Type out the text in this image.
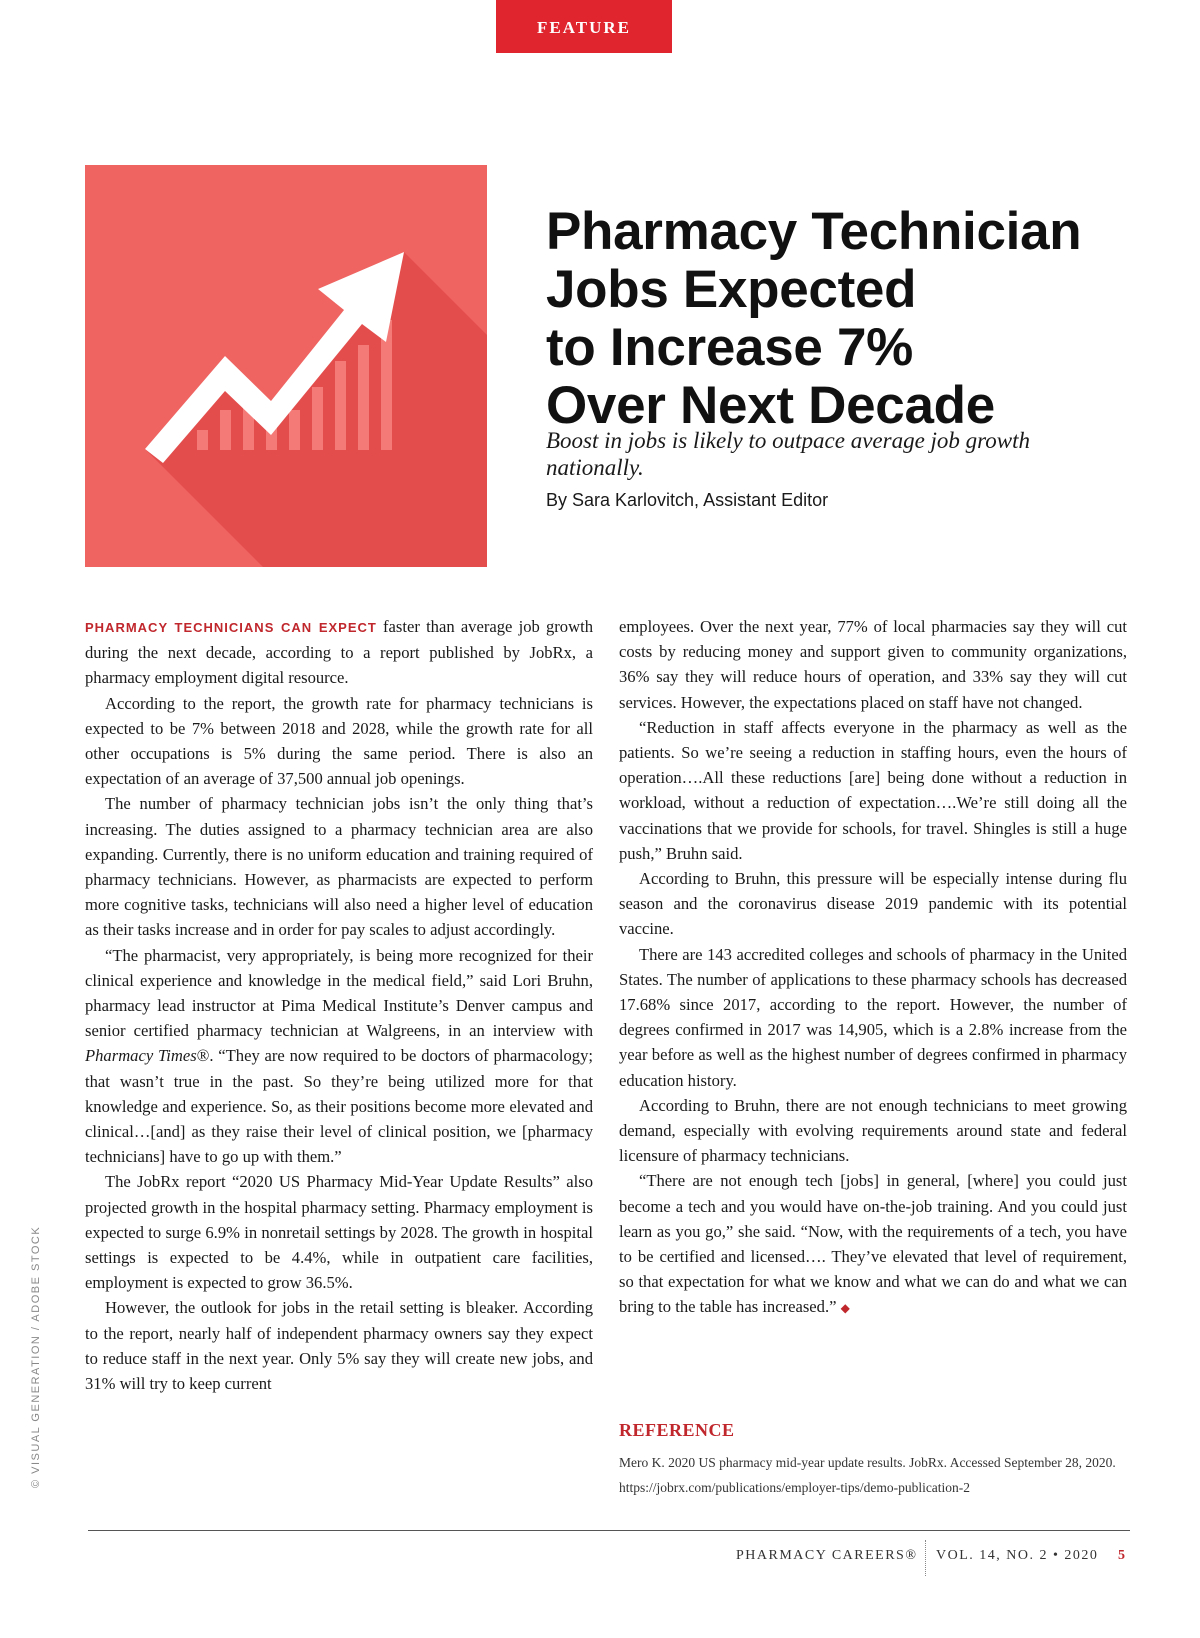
FEATURE
Pharmacy Technician
Jobs Expected
to Increase 7%
Over Next Decade

Boost in jobs is likely to outpace average job growth nationally.

By Sara Karlovitch, Assistant Editor

PHARMACY TECHNICIANS CAN EXPECT faster than average job growth during the next decade, according to a report published by JobRx, a pharmacy employment digital resource.

According to the report, the growth rate for pharmacy technicians is expected to be 7% between 2018 and 2028, while the growth rate for all other occupations is 5% during the same period. There is also an expectation of an average of 37,500 annual job openings.

The number of pharmacy technician jobs isn’t the only thing that’s increasing. The duties assigned to a pharmacy technician area are also expanding. Currently, there is no uniform education and training required of pharmacy technicians. However, as pharmacists are expected to perform more cognitive tasks, technicians will also need a higher level of education as their tasks increase and in order for pay scales to adjust accordingly.

“The pharmacist, very appropriately, is being more recognized for their clinical experience and knowledge in the medical field,” said Lori Bruhn, pharmacy lead instructor at Pima Medical Institute’s Denver campus and senior certified pharmacy technician at Walgreens, in an interview with Pharmacy Times®. “They are now required to be doctors of pharmacology; that wasn’t true in the past. So they’re being utilized more for that knowledge and experience. So, as their positions become more elevated and clinical…[and] as they raise their level of clinical position, we [pharmacy technicians] have to go up with them.”

The JobRx report “2020 US Pharmacy Mid-Year Update Results” also projected growth in the hospital pharmacy setting. Pharmacy employment is expected to surge 6.9% in nonretail settings by 2028. The growth in hospital settings is expected to be 4.4%, while in outpatient care facilities, employment is expected to grow 36.5%.

However, the outlook for jobs in the retail setting is bleaker. According to the report, nearly half of independent pharmacy owners say they expect to reduce staff in the next year. Only 5% say they will create new jobs, and 31% will try to keep current

employees. Over the next year, 77% of local pharmacies say they will cut costs by reducing money and support given to community organizations, 36% say they will reduce hours of operation, and 33% say they will cut services. However, the expectations placed on staff have not changed.

“Reduction in staff affects everyone in the pharmacy as well as the patients. So we’re seeing a reduction in staffing hours, even the hours of operation….All these reductions [are] being done without a reduction in workload, without a reduction of expectation….We’re still doing all the vaccinations that we provide for schools, for travel. Shingles is still a huge push,” Bruhn said.

According to Bruhn, this pressure will be especially intense during flu season and the coronavirus disease 2019 pandemic with its potential vaccine.

There are 143 accredited colleges and schools of pharmacy in the United States. The number of applications to these pharmacy schools has decreased 17.68% since 2017, according to the report. However, the number of degrees confirmed in 2017 was 14,905, which is a 2.8% increase from the year before as well as the highest number of degrees confirmed in pharmacy education history.

According to Bruhn, there are not enough technicians to meet growing demand, especially with evolving requirements around state and federal licensure of pharmacy technicians.

“There are not enough tech [jobs] in general, [where] you could just become a tech and you would have on-the-job training. And you could just learn as you go,” she said. “Now, with the requirements of a tech, you have to be certified and licensed…. They’ve elevated that level of requirement, so that expectation for what we know and what we can do and what we can bring to the table has increased.” ◆

REFERENCE

Mero K. 2020 US pharmacy mid-year update results. JobRx. Accessed September 28, 2020. https://jobrx.com/publications/employer-tips/demo-publication-2

© VISUAL GENERATION / ADOBE STOCK
PHARMACY CAREERS® VOL. 14, NO. 2 • 2020 5
